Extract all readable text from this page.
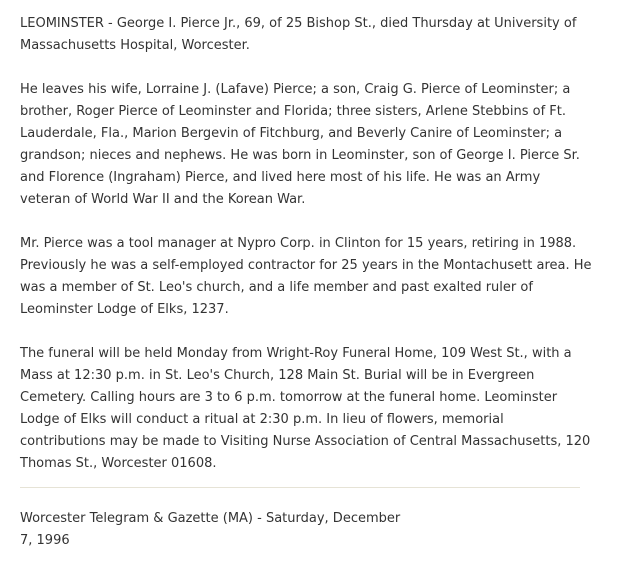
LEOMINSTER - George I. Pierce Jr., 69, of 25 Bishop St., died Thursday at University of
Massachusetts Hospital, Worcester.

He leaves his wife, Lorraine J. (Lafave) Pierce; a son, Craig G. Pierce of Leominster; a
brother, Roger Pierce of Leominster and Florida; three sisters, Arlene Stebbins of Ft.
Lauderdale, Fla., Marion Bergevin of Fitchburg, and Beverly Canire of Leominster; a
grandson; nieces and nephews. He was born in Leominster, son of George I. Pierce Sr.
and Florence (Ingraham) Pierce, and lived here most of his life. He was an Army
veteran of World War II and the Korean War.

Mr. Pierce was a tool manager at Nypro Corp. in Clinton for 15 years, retiring in 1988.
Previously he was a self-employed contractor for 25 years in the Montachusett area. He
was a member of St. Leo's church, and a life member and past exalted ruler of
Leominster Lodge of Elks, 1237.

The funeral will be held Monday from Wright-Roy Funeral Home, 109 West St., with a
Mass at 12:30 p.m. in St. Leo's Church, 128 Main St. Burial will be in Evergreen
Cemetery. Calling hours are 3 to 6 p.m. tomorrow at the funeral home. Leominster
Lodge of Elks will conduct a ritual at 2:30 p.m. In lieu of flowers, memorial
contributions may be made to Visiting Nurse Association of Central Massachusetts, 120
Thomas St., Worcester 01608.

Worcester Telegram & Gazette (MA) - Saturday, December
7, 1996
